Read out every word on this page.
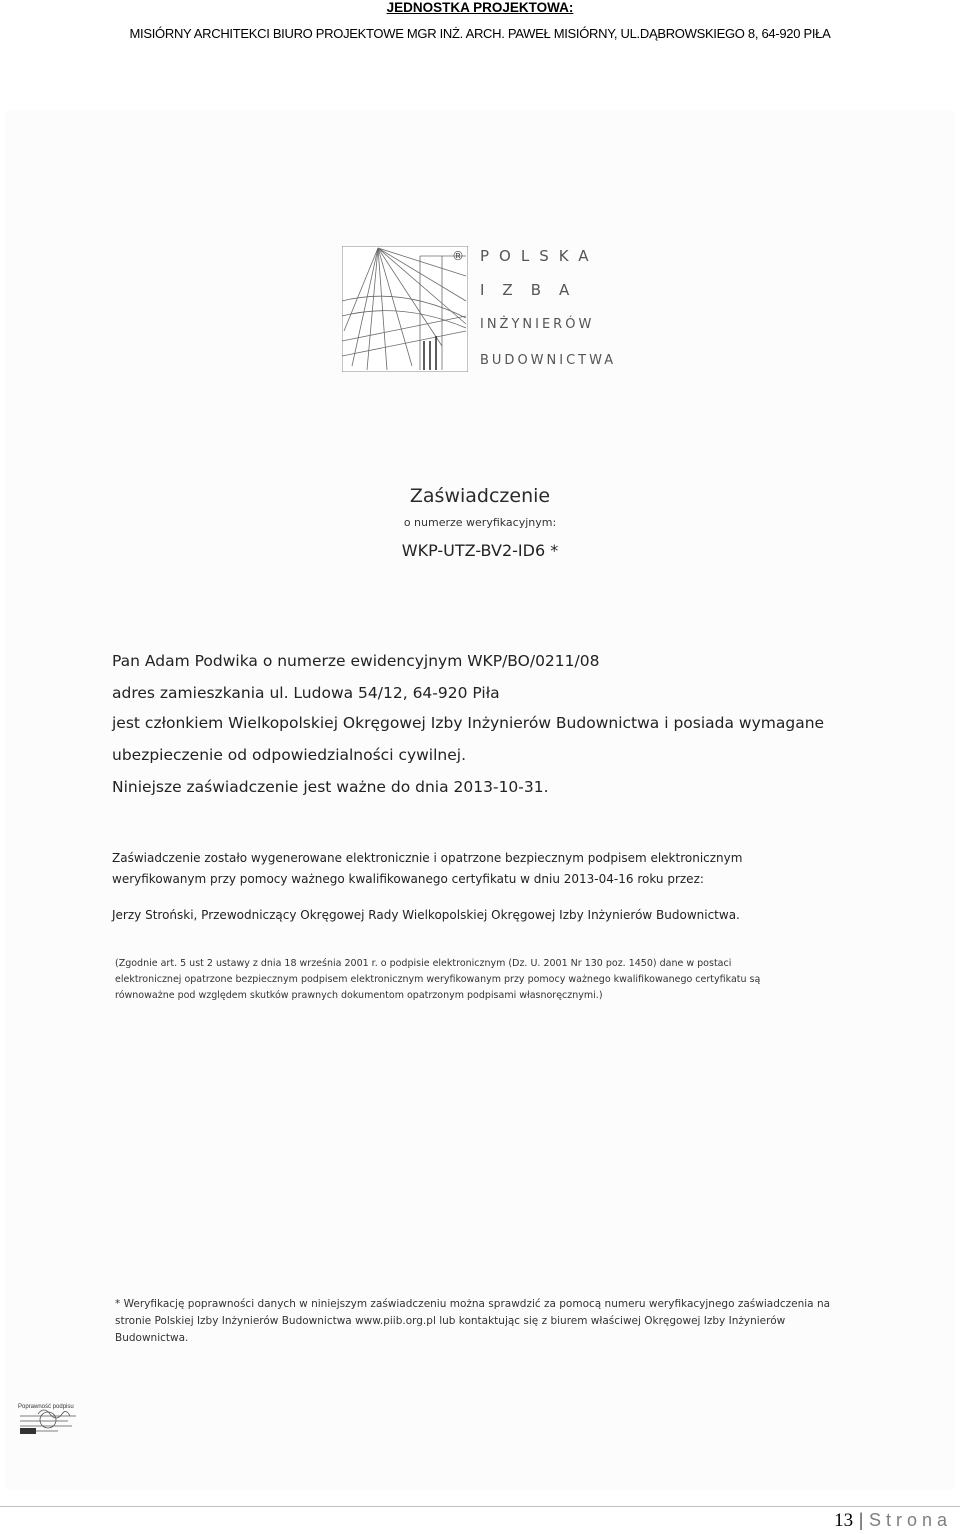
JEDNOSTKA PROJEKTOWA:
MISIÓRNY ARCHITEKCI BIURO PROJEKTOWE MGR INŻ. ARCH. PAWEŁ MISIÓRNY, UL.DĄBROWSKIEGO 8, 64-920 PIŁA
® POLSKA
IZBA
INŻYNIERÓW
BUDOWNICTWA
Zaświadczenie
o numerze weryfikacyjnym:
WKP-UTZ-BV2-ID6 *
Pan Adam Podwika o numerze ewidencyjnym WKP/BO/0211/08
adres zamieszkania ul. Ludowa 54/12, 64-920 Piła
jest członkiem Wielkopolskiej Okręgowej Izby Inżynierów Budownictwa i posiada wymagane
ubezpieczenie od odpowiedzialności cywilnej.
Niniejsze zaświadczenie jest ważne do dnia 2013-10-31.
Zaświadczenie zostało wygenerowane elektronicznie i opatrzone bezpiecznym podpisem elektronicznym
weryfikowanym przy pomocy ważnego kwalifikowanego certyfikatu w dniu 2013-04-16 roku przez:
Jerzy Stroński, Przewodniczący Okręgowej Rady Wielkopolskiej Okręgowej Izby Inżynierów Budownictwa.
(Zgodnie art. 5 ust 2 ustawy z dnia 18 września 2001 r. o podpisie elektronicznym (Dz. U. 2001 Nr 130 poz. 1450) dane w postaci
elektronicznej opatrzone bezpiecznym podpisem elektronicznym weryfikowanym przy pomocy ważnego kwalifikowanego certyfikatu są
równoważne pod względem skutków prawnych dokumentom opatrzonym podpisami własnoręcznymi.)
* Weryfikację poprawności danych w niniejszym zaświadczeniu można sprawdzić za pomocą numeru weryfikacyjnego zaświadczenia na
stronie Polskiej Izby Inżynierów Budownictwa www.piib.org.pl lub kontaktując się z biurem właściwej Okręgowej Izby Inżynierów
Budownictwa.
Poprawność podpisu
13 | Strona
